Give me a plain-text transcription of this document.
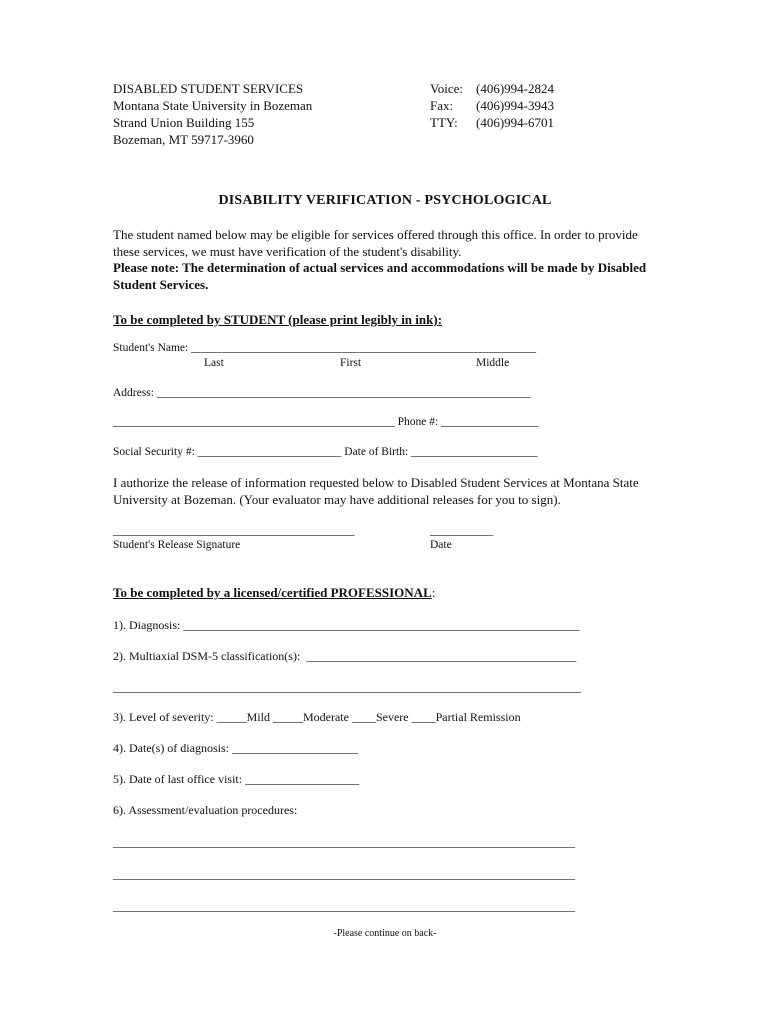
DISABLED STUDENT SERVICES
Montana State University in Bozeman
Strand Union Building 155
Bozeman, MT 59717-3960
Voice:	(406)994-2824
Fax:	(406)994-3943
TTY:	(406)994-6701
DISABILITY VERIFICATION - PSYCHOLOGICAL
The student named below may be eligible for services offered through this office. In order to provide these services, we must have verification of the student's disability.
Please note: The determination of actual services and accommodations will be made by Disabled Student Services.
To be completed by STUDENT (please print legibly in ink):
Student's Name: ____________________________________________________________
Last	First	Middle
Address: _________________________________________________________________
_________________________________________________ Phone #: _________________
Social Security #: _________________________ Date of Birth: ______________________
I authorize the release of information requested below to Disabled Student Services at Montana State University at Bozeman. (Your evaluator may have additional releases for you to sign).
__________________________________________	___________
Student's Release Signature	Date
To be completed by a licensed/certified PROFESSIONAL:
1). Diagnosis: __________________________________________________________________
2). Multiaxial DSM-5 classification(s):  _____________________________________________
______________________________________________________________________________
3). Level of severity: _____Mild _____Moderate ____Severe ____Partial Remission
4). Date(s) of diagnosis: _____________________
5). Date of last office visit: ___________________
6). Assessment/evaluation procedures:
_____________________________________________________________________________
_____________________________________________________________________________
_____________________________________________________________________________
-Please continue on back-
